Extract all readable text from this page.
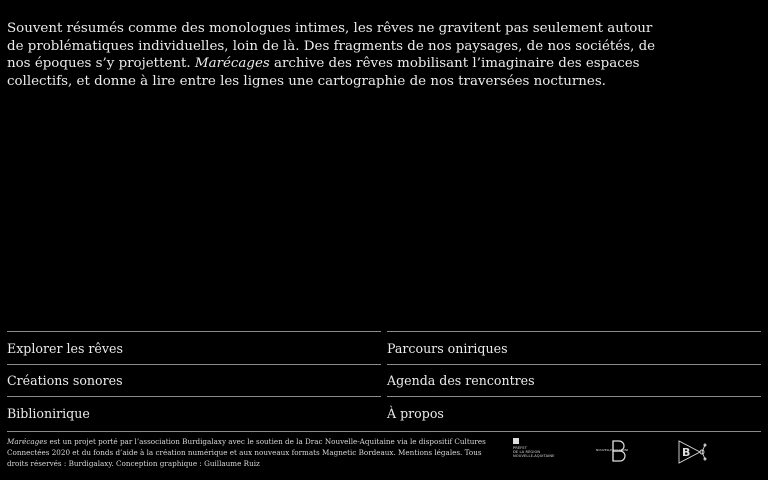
Souvent résumés comme des monologues intimes, les rêves ne gravitent pas seulement autour de problématiques individuelles, loin de là. Des fragments de nos paysages, de nos sociétés, de nos époques s’y projettent. Marécages archive des rêves mobilisant l’imaginaire des espaces collectifs, et donne à lire entre les lignes une cartographie de nos traversées nocturnes.

Explorer les rêves
Créations sonores
Biblionirique
Parcours oniriques
Agenda des rencontres
À propos

Marécages est un projet porté par l’association Burdigalaxy avec le soutien de la Drac Nouvelle-Aquitaine via le dispositif Cultures Connectées 2020 et du fonds d’aide à la création numérique et aux nouveaux formats Magnetic Bordeaux. Mentions légales. Tous droits réservés : Burdigalaxy. Conception graphique : Guillaume Ruiz

PRÉFET
DE LA RÉGION
NOUVELLE-AQUITAINE
NOUVELLE AQUITAINE	B
